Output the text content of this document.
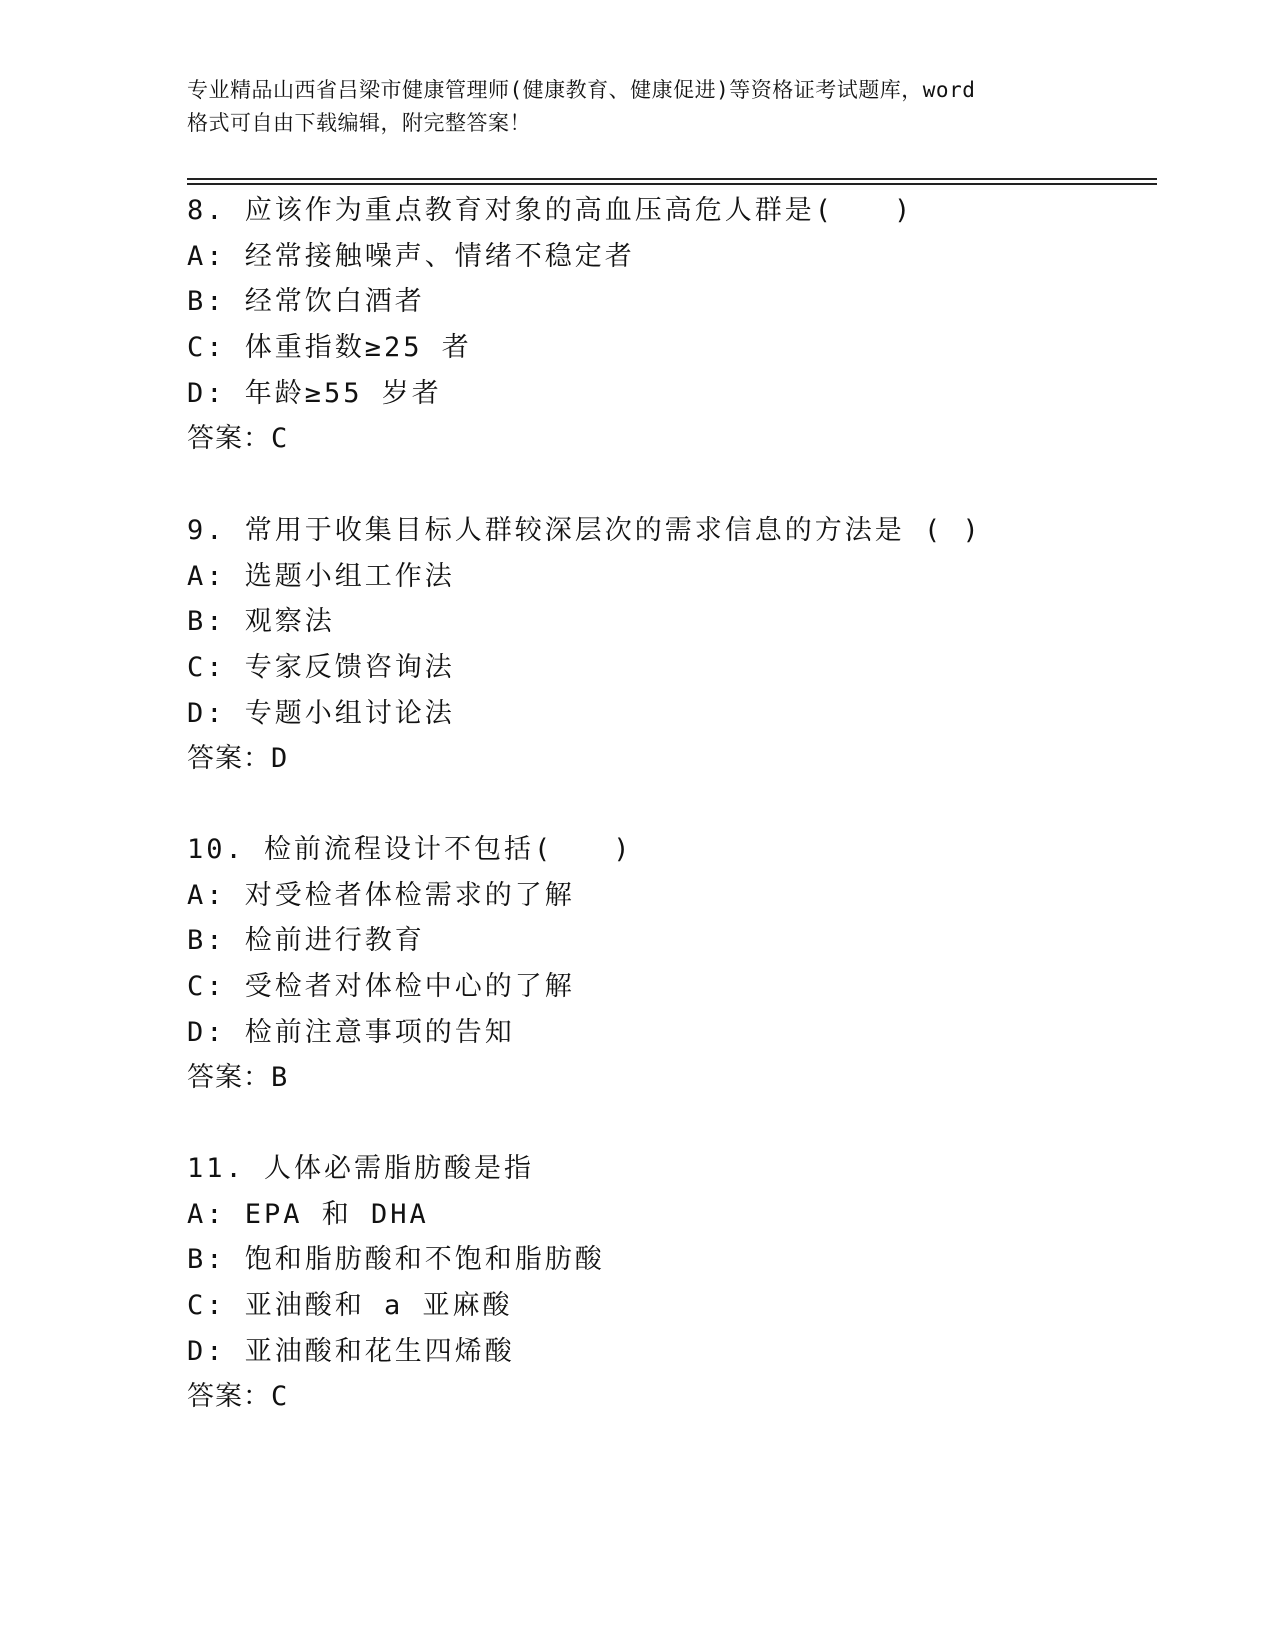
专业精品山西省吕梁市健康管理师(健康教育、健康促进)等资格证考试题库，word
格式可自由下载编辑，附完整答案！
8. 应该作为重点教育对象的高血压高危人群是(　　)
A: 经常接触噪声、情绪不稳定者
B: 经常饮白酒者
C: 体重指数≥25 者
D: 年龄≥55 岁者
答案：C
9. 常用于收集目标人群较深层次的需求信息的方法是 ( )
A: 选题小组工作法
B: 观察法
C: 专家反馈咨询法
D: 专题小组讨论法
答案：D
10. 检前流程设计不包括(　　)
A: 对受检者体检需求的了解
B: 检前进行教育
C: 受检者对体检中心的了解
D: 检前注意事项的告知
答案：B
11. 人体必需脂肪酸是指
A: EPA 和 DHA
B: 饱和脂肪酸和不饱和脂肪酸
C: 亚油酸和 a 亚麻酸
D: 亚油酸和花生四烯酸
答案：C
